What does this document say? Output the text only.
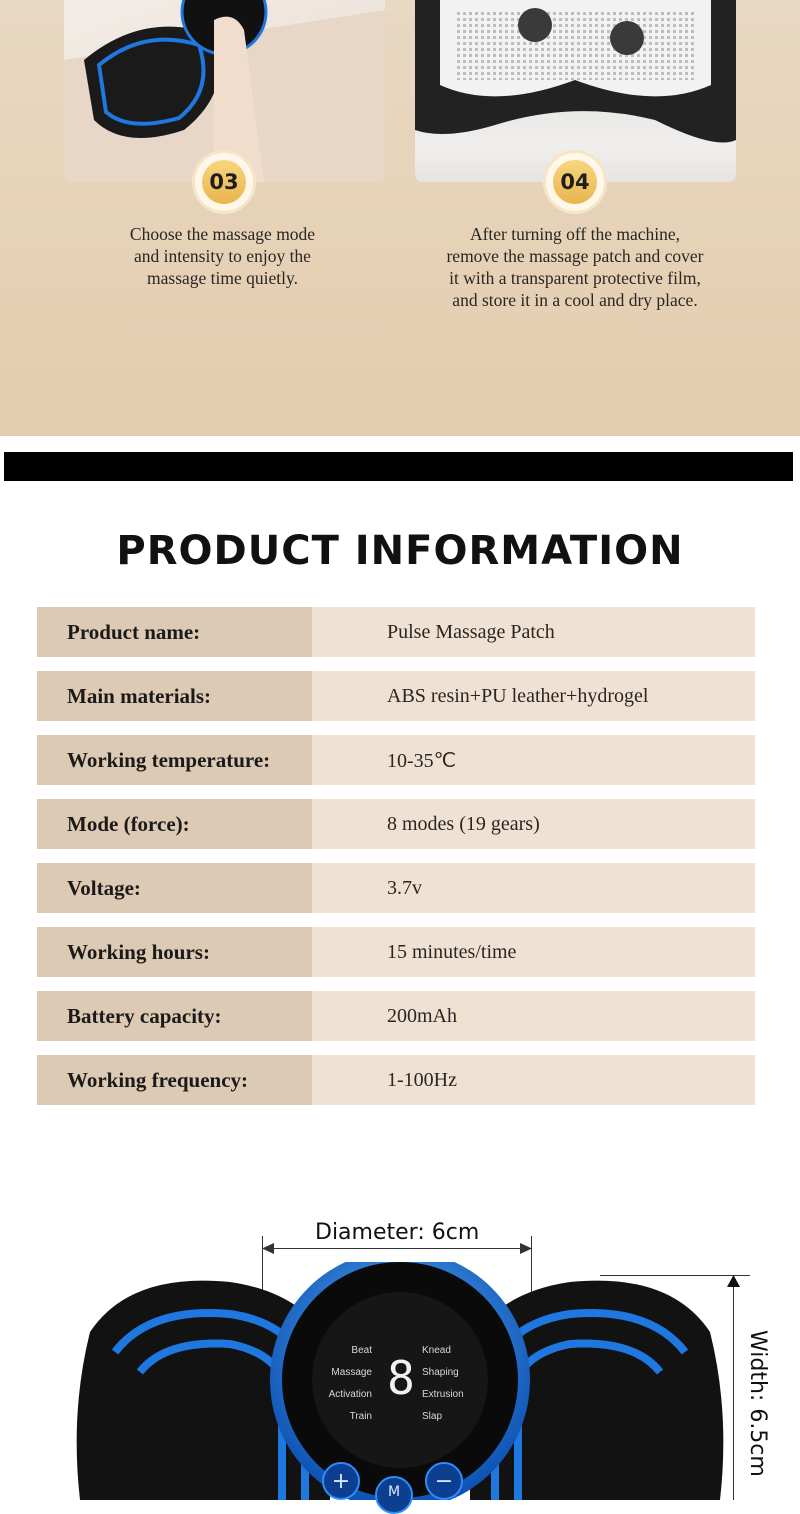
03	04
Choose the massage mode
and intensity to enjoy the
massage time quietly.
After turning off the machine,
remove the massage patch and cover
it with a transparent protective film,
and store it in a cool and dry place.
PRODUCT INFORMATION
Product name:	Pulse Massage Patch
Main materials:	ABS resin+PU leather+hydrogel
Working temperature:	10-35℃
Mode (force):	8 modes (19 gears)
Voltage:	3.7v
Working hours:	15 minutes/time
Battery capacity:	200mAh
Working frequency:	1-100Hz
Diameter: 6cm
Width: 6.5cm
Beat
Massage
Activation
Train
Knead
Shaping
Extrusion
Slap
8
+	M	−
